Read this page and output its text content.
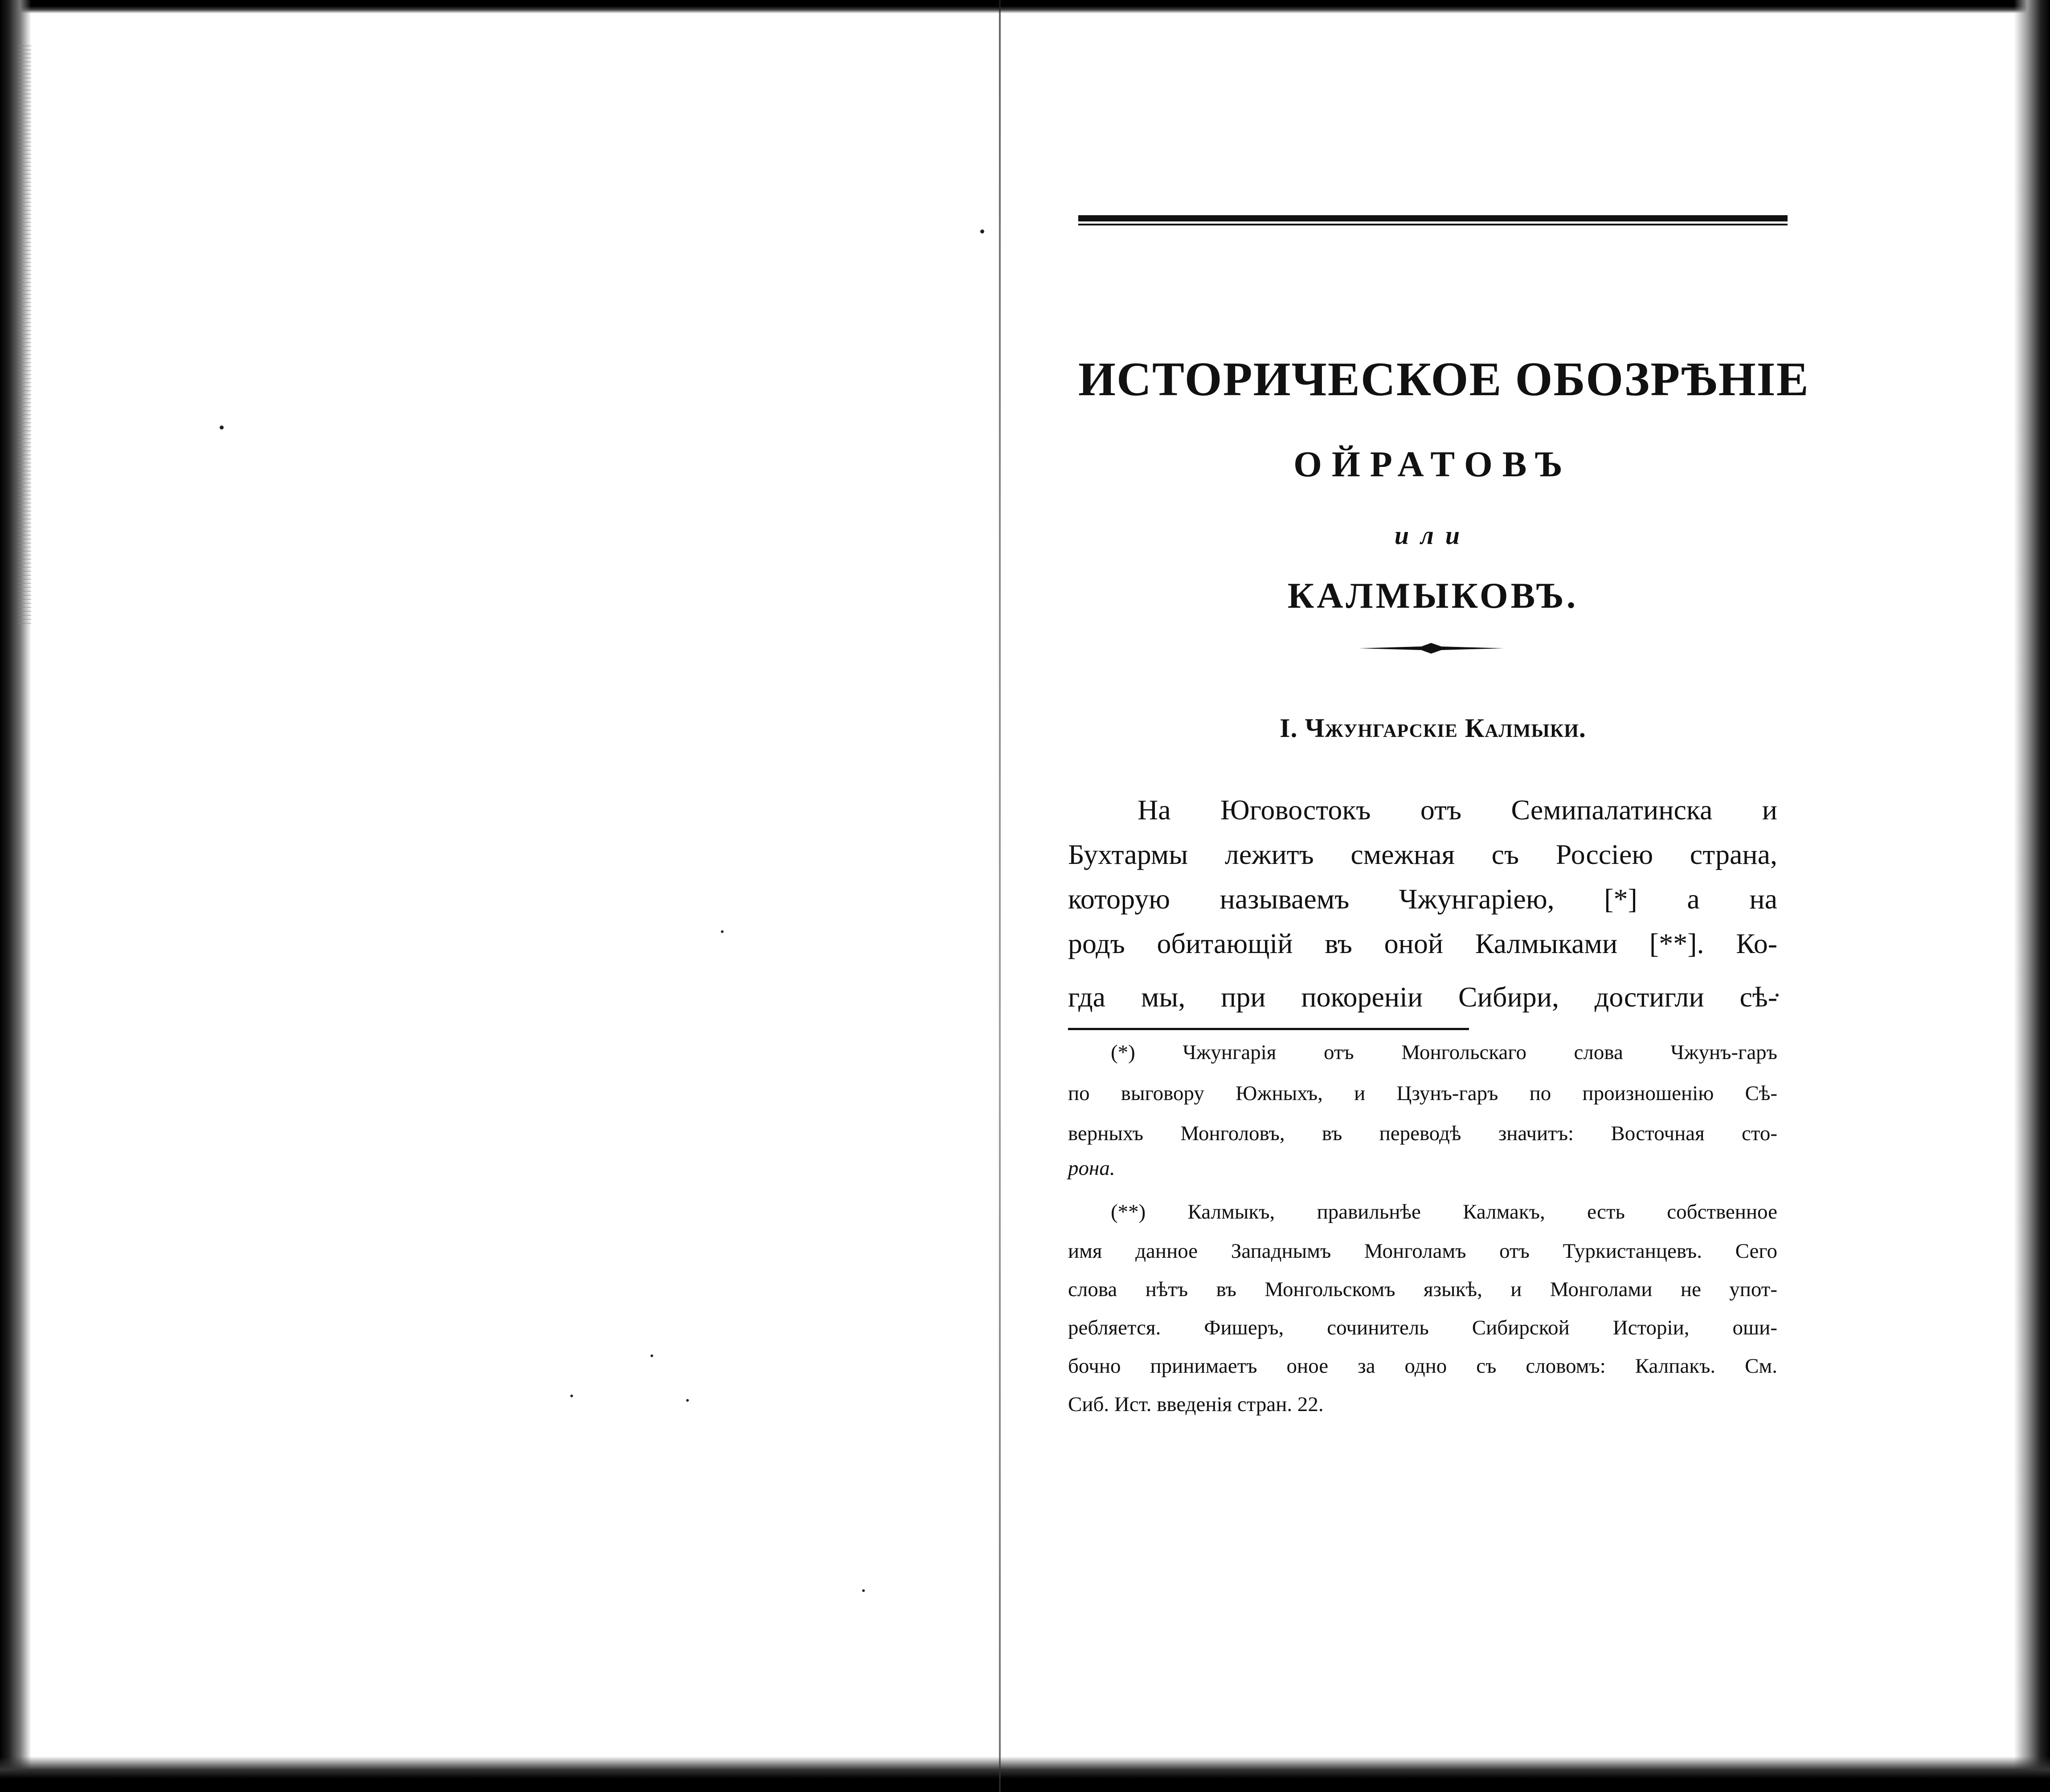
ИСТОРИЧЕСКОЕ ОБОЗРѢНІЕ
ОЙРАТОВЪ
или
КАЛМЫКОВЪ.
I. Чжунгарскіе Калмыки.
На Юговостокъ отъ Семипалатинска и
Бухтармы лежитъ смежная съ Россіею страна,
которую называемъ Чжунгаріею, [*] а на
родъ обитающій въ оной Калмыками [**]. Ко-
гда мы, при покореніи Сибири, достигли сѣ-
(*) Чжунгарія отъ Монгольскаго слова Чжунъ-гаръ
по выговору Южныхъ, и Цзунъ-гаръ по произношенію Сѣ-
верныхъ Монголовъ, въ переводѣ значитъ: Восточная сто-
рона.
(**) Калмыкъ, правильнѣе Калмакъ, есть собственное
имя данное Западнымъ Монголамъ отъ Туркистанцевъ. Сего
слова нѣтъ въ Монгольскомъ языкѣ, и Монголами не упот-
ребляется. Фишеръ, сочинитель Сибирской Исторіи, оши-
бочно принимаетъ оное за одно съ словомъ: Калпакъ. См.
Сиб. Ист. введенія стран. 22.
